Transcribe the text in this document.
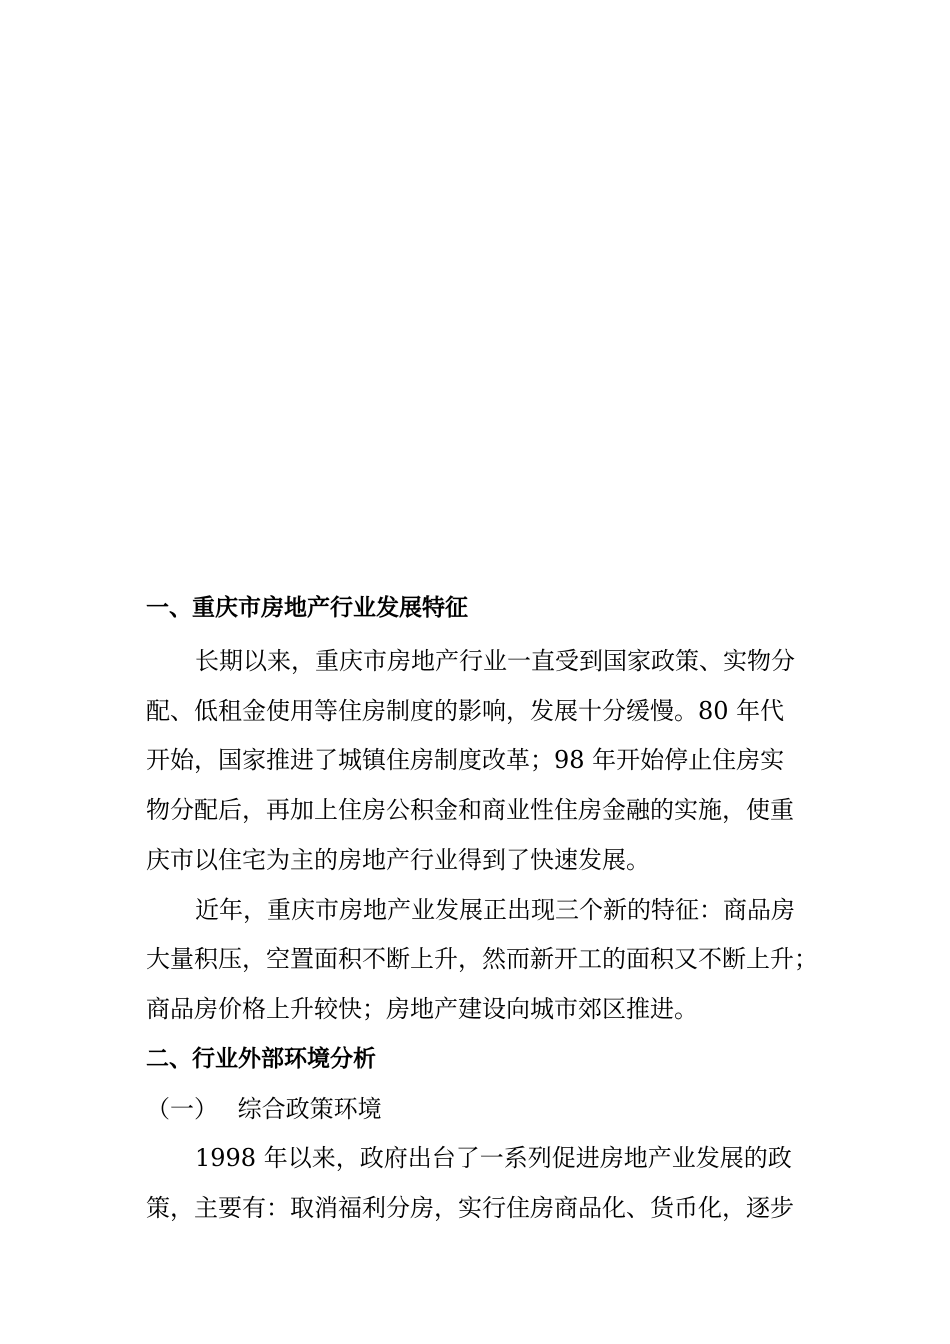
一、重庆市房地产行业发展特征
长期以来，重庆市房地产行业一直受到国家政策、实物分
配、低租金使用等住房制度的影响，发展十分缓慢。80 年代
开始，国家推进了城镇住房制度改革；98 年开始停止住房实
物分配后，再加上住房公积金和商业性住房金融的实施，使重
庆市以住宅为主的房地产行业得到了快速发展。
近年，重庆市房地产业发展正出现三个新的特征：商品房
大量积压，空置面积不断上升，然而新开工的面积又不断上升；
商品房价格上升较快；房地产建设向城市郊区推进。
二、行业外部环境分析
（一）　 综合政策环境
1998 年以来，政府出台了一系列促进房地产业发展的政
策，主要有：取消福利分房，实行住房商品化、货币化，逐步
